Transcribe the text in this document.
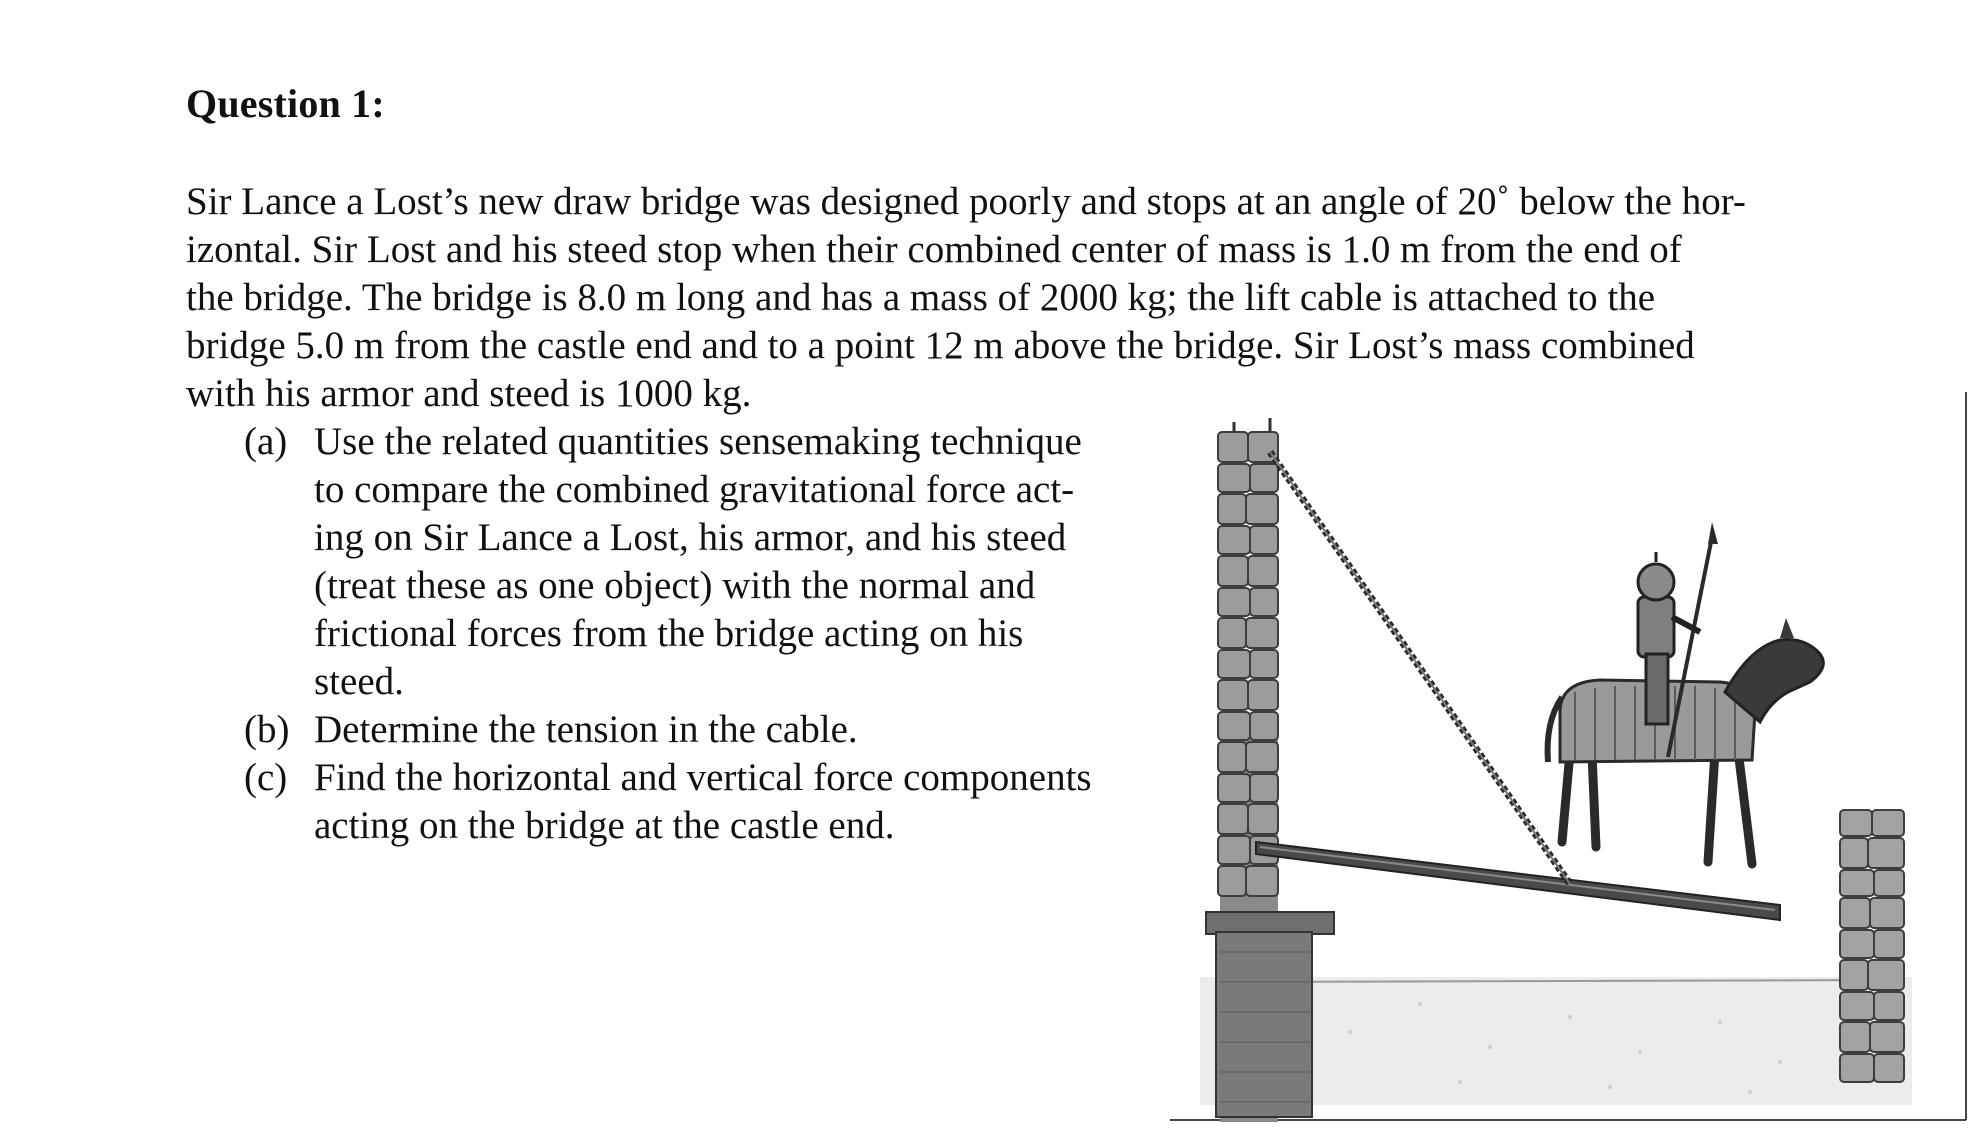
Question 1:

Sir Lance a Lost’s new draw bridge was designed poorly and stops at an angle of 20˚ below the hor-
izontal. Sir Lost and his steed stop when their combined center of mass is 1.0 m from the end of
the bridge. The bridge is 8.0 m long and has a mass of 2000 kg; the lift cable is attached to the
bridge 5.0 m from the castle end and to a point 12 m above the bridge. Sir Lost’s mass combined
with his armor and steed is 1000 kg.

(a) Use the related quantities sensemaking technique
to compare the combined gravitational force act-
ing on Sir Lance a Lost, his armor, and his steed
(treat these as one object) with the normal and
frictional forces from the bridge acting on his
steed.
(b) Determine the tension in the cable.
(c) Find the horizontal and vertical force components
acting on the bridge at the castle end.
